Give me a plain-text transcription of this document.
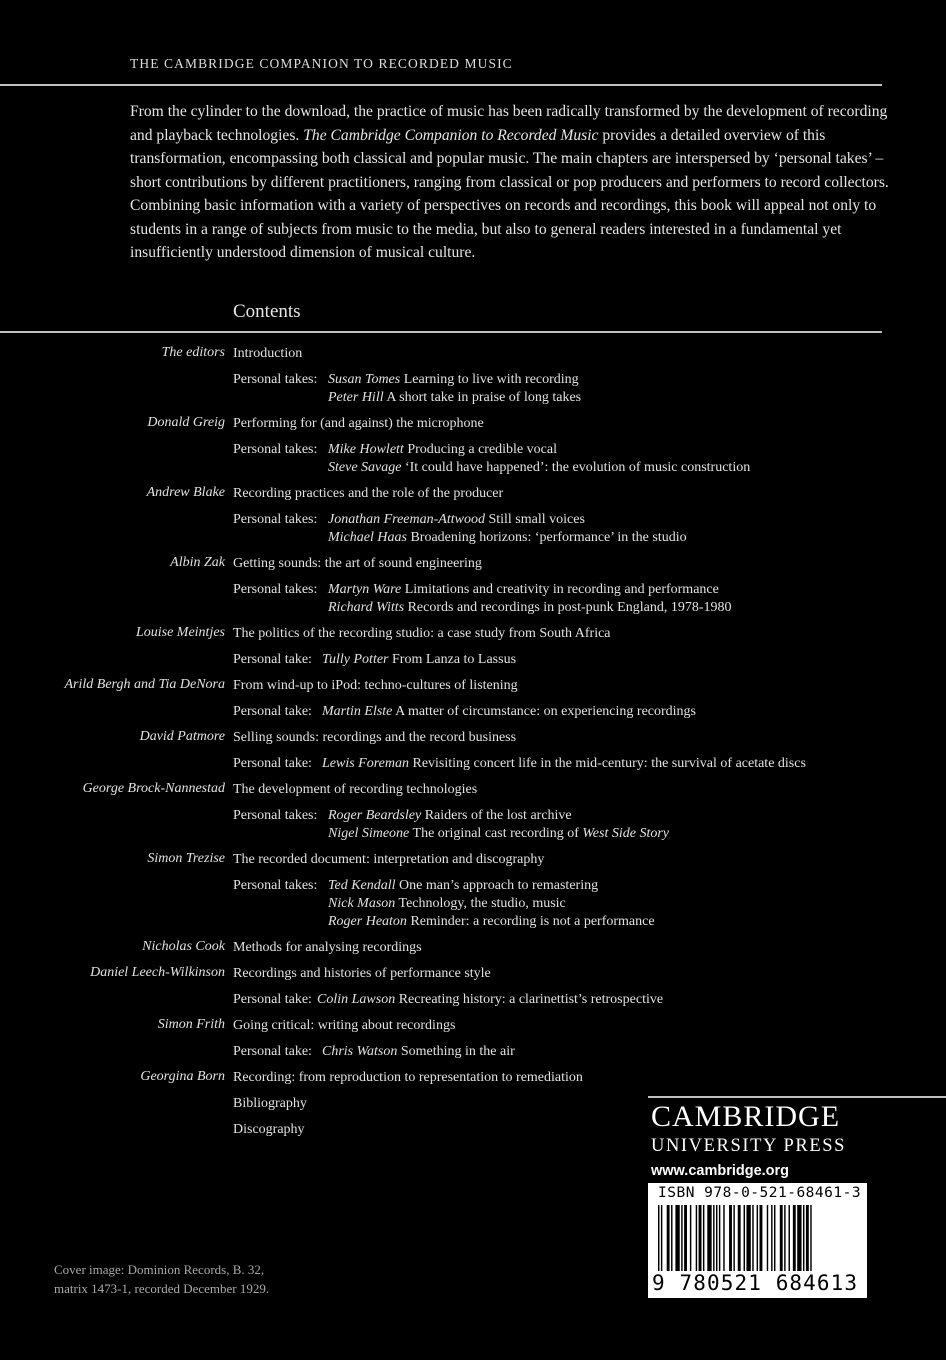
THE CAMBRIDGE COMPANION TO RECORDED MUSIC

From the cylinder to the download, the practice of music has been radically transformed by the development of recording and playback technologies. The Cambridge Companion to Recorded Music provides a detailed overview of this transformation, encompassing both classical and popular music. The main chapters are interspersed by ‘personal takes’ – short contributions by different practitioners, ranging from classical or pop producers and performers to record collectors. Combining basic information with a variety of perspectives on records and recordings, this book will appeal not only to students in a range of subjects from music to the media, but also to general readers interested in a fundamental yet insufficiently understood dimension of musical culture.

Contents
The editors Introduction
Personal takes: Susan Tomes Learning to live with recording
Peter Hill A short take in praise of long takes
Donald Greig Performing for (and against) the microphone
Personal takes: Mike Howlett Producing a credible vocal
Steve Savage ‘It could have happened’: the evolution of music construction
Andrew Blake Recording practices and the role of the producer
Personal takes: Jonathan Freeman-Attwood Still small voices
Michael Haas Broadening horizons: ‘performance’ in the studio
Albin Zak Getting sounds: the art of sound engineering
Personal takes: Martyn Ware Limitations and creativity in recording and performance
Richard Witts Records and recordings in post-punk England, 1978-1980
Louise Meintjes The politics of the recording studio: a case study from South Africa
Personal take: Tully Potter From Lanza to Lassus
Arild Bergh and Tia DeNora From wind-up to iPod: techno-cultures of listening
Personal take: Martin Elste A matter of circumstance: on experiencing recordings
David Patmore Selling sounds: recordings and the record business
Personal take: Lewis Foreman Revisiting concert life in the mid-century: the survival of acetate discs
George Brock-Nannestad The development of recording technologies
Personal takes: Roger Beardsley Raiders of the lost archive
Nigel Simeone The original cast recording of West Side Story
Simon Trezise The recorded document: interpretation and discography
Personal takes: Ted Kendall One man’s approach to remastering
Nick Mason Technology, the studio, music
Roger Heaton Reminder: a recording is not a performance
Nicholas Cook Methods for analysing recordings
Daniel Leech-Wilkinson Recordings and histories of performance style
Personal take: Colin Lawson Recreating history: a clarinettist’s retrospective
Simon Frith Going critical: writing about recordings
Personal take: Chris Watson Something in the air
Georgina Born Recording: from reproduction to representation to remediation
Bibliography
Discography
Cover image: Dominion Records, B. 32,
matrix 1473-1, recorded December 1929.
CAMBRIDGE
UNIVERSITY PRESS
www.cambridge.org
ISBN 978-0-521-68461-3
9 780521 684613
